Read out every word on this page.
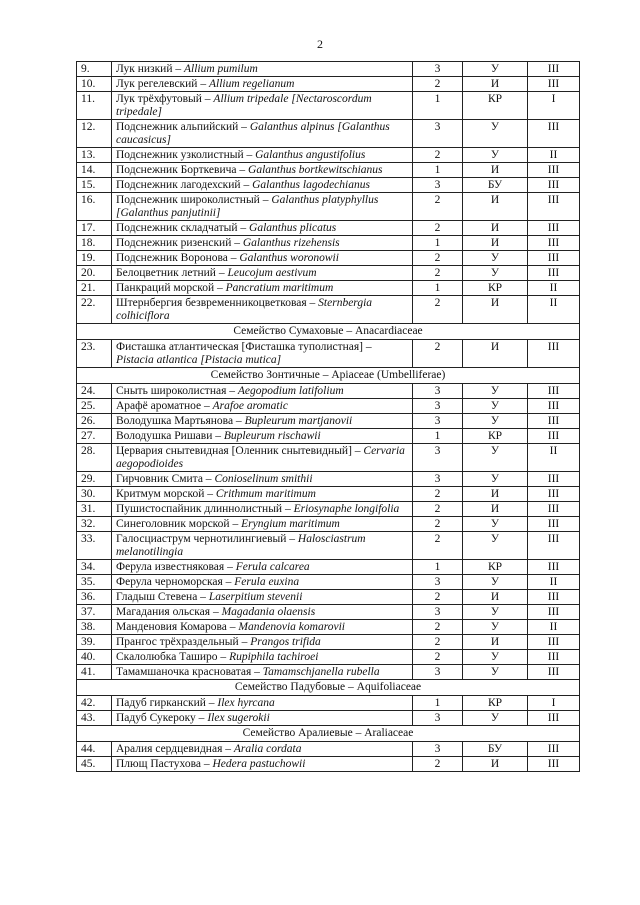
2
9.	Лук низкий – Allium pumilum	3	У	III
10.	Лук регелевский – Allium regelianum	2	И	III
11.	Лук трёхфутовый – Allium tripedale [Nectaroscordum tripedale]	1	КР	I
12.	Подснежник альпийский – Galanthus alpinus [Galanthus caucasicus]	3	У	III
13.	Подснежник узколистный – Galanthus angustifolius	2	У	II
14.	Подснежник Борткевича – Galanthus bortkewitschianus	1	И	III
15.	Подснежник лагодехский – Galanthus lagodechianus	3	БУ	III
16.	Подснежник широколистный – Galanthus platyphyllus [Galanthus panjutinii]	2	И	III
17.	Подснежник складчатый – Galanthus plicatus	2	И	III
18.	Подснежник ризенский – Galanthus rizehensis	1	И	III
19.	Подснежник Воронова – Galanthus woronowii	2	У	III
20.	Белоцветник летний – Leucojum aestivum	2	У	III
21.	Панкраций морской – Pancratium maritimum	1	КР	II
22.	Штернбергия безвременникоцветковая – Sternbergia colhiciflora	2	И	II
Семейство Сумаховые – Anacardiaceae				
23.	Фисташка атлантическая [Фисташка туполистная] – Pistacia atlantica [Pistacia mutica]	2	И	III
Семейство Зонтичные – Apiaceae (Umbelliferae)				
24.	Сныть широколистная – Aegopodium latifolium	3	У	III
25.	Арафё ароматное – Arafoe aromatic	3	У	III
26.	Володушка Мартьянова – Bupleurum martjanovii	3	У	III
27.	Володушка Ришави – Bupleurum rischawii	1	КР	III
28.	Цервария снытевидная [Оленник снытевидный] – Cervaria aegopodioides	3	У	II
29.	Гирчовник Смита – Conioselinum smithii	3	У	III
30.	Критмум морской – Crithmum maritimum	2	И	III
31.	Пушистоспайник длиннолистный – Eriosynaphe longifolia	2	И	III
32.	Синеголовник морской – Eryngium maritimum	2	У	III
33.	Галосциаструм чернотилингиевый – Halosciastrum melanotilingia	2	У	III
34.	Ферула известняковая – Ferula calcarea	1	КР	III
35.	Ферула черноморская – Ferula euxina	3	У	II
36.	Гладыш Стевена – Laserpitium stevenii	2	И	III
37.	Магадания ольская – Magadania olaensis	3	У	III
38.	Манденовия Комарова – Mandenovia komarovii	2	У	II
39.	Прангос трёхраздельный – Prangos trifida	2	И	III
40.	Скалолюбка Таширо – Rupiphila tachiroei	2	У	III
41.	Тамамшаночка красноватая – Tamamschjanella rubella	3	У	III
Семейство Падубовые – Aquifoliaceae				
42.	Падуб гирканский – Ilex hyrcana	1	КР	I
43.	Падуб Сукероку – Ilex sugerokii	3	У	III
Семейство Аралиевые – Araliaceae				
44.	Аралия сердцевидная – Aralia cordata	3	БУ	III
45.	Плющ Пастухова – Hedera pastuchowii	2	И	III
